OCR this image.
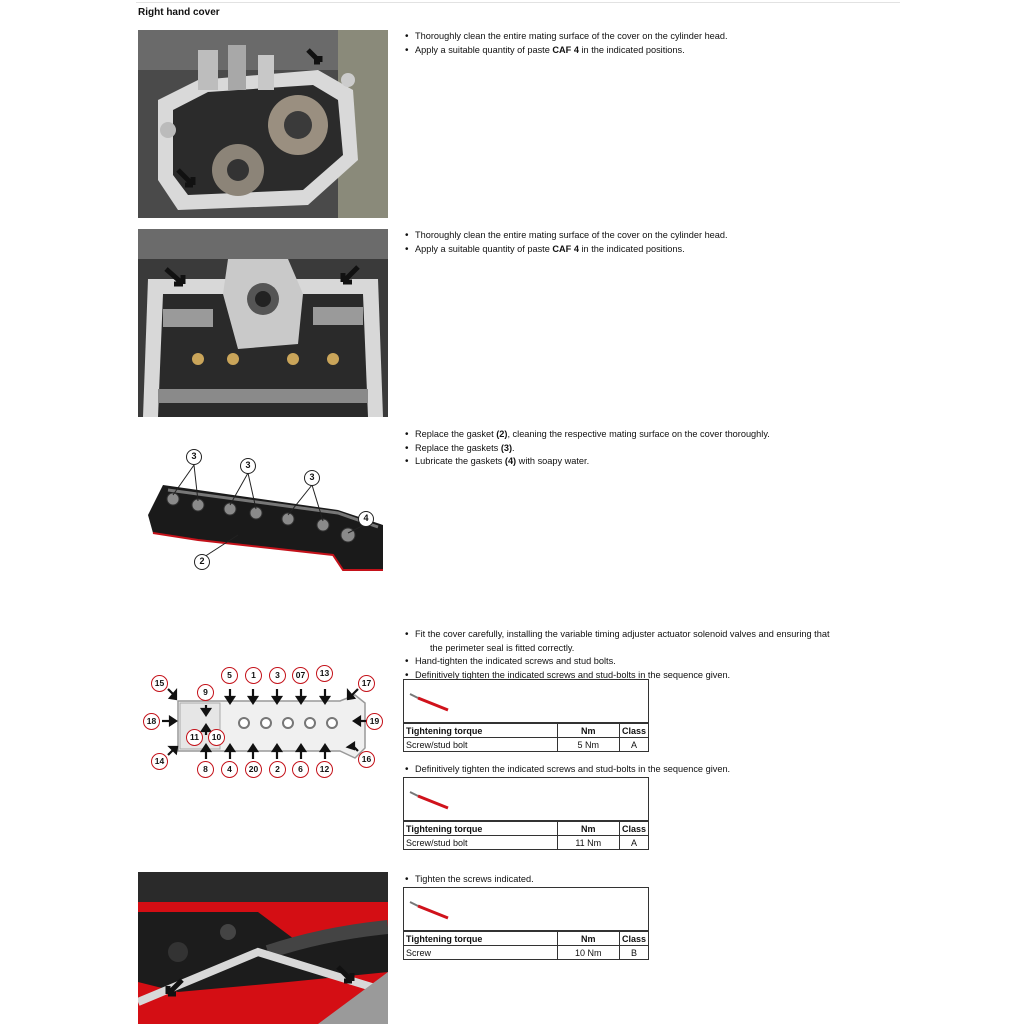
Right hand cover
• Thoroughly clean the entire mating surface of the cover on the cylinder head.
• Apply a suitable quantity of paste CAF 4 in the indicated positions.
• Thoroughly clean the entire mating surface of the cover on the cylinder head.
• Apply a suitable quantity of paste CAF 4 in the indicated positions.
3
3
3
4
2
• Replace the gasket (2), cleaning the respective mating surface on the cover thoroughly.
• Replace the gaskets (3).
• Lubricate the gaskets (4) with soapy water.
5	1	3	07	13
8	4	20	2	6	12
15
9
18
11	10
14
17
19
16
• Fit the cover carefully, installing the variable timing adjuster actuator solenoid valves and ensuring that
the perimeter seal is fitted correctly.
• Hand-tighten the indicated screws and stud bolts.
• Definitively tighten the indicated screws and stud-bolts in the sequence given.
Tightening torque	Nm	Class
Screw/stud bolt	5 Nm	A
• Definitively tighten the indicated screws and stud-bolts in the sequence given.
Tightening torque	Nm	Class
Screw/stud bolt	11 Nm	A
• Tighten the screws indicated.
Tightening torque	Nm	Class
Screw	10 Nm	B
